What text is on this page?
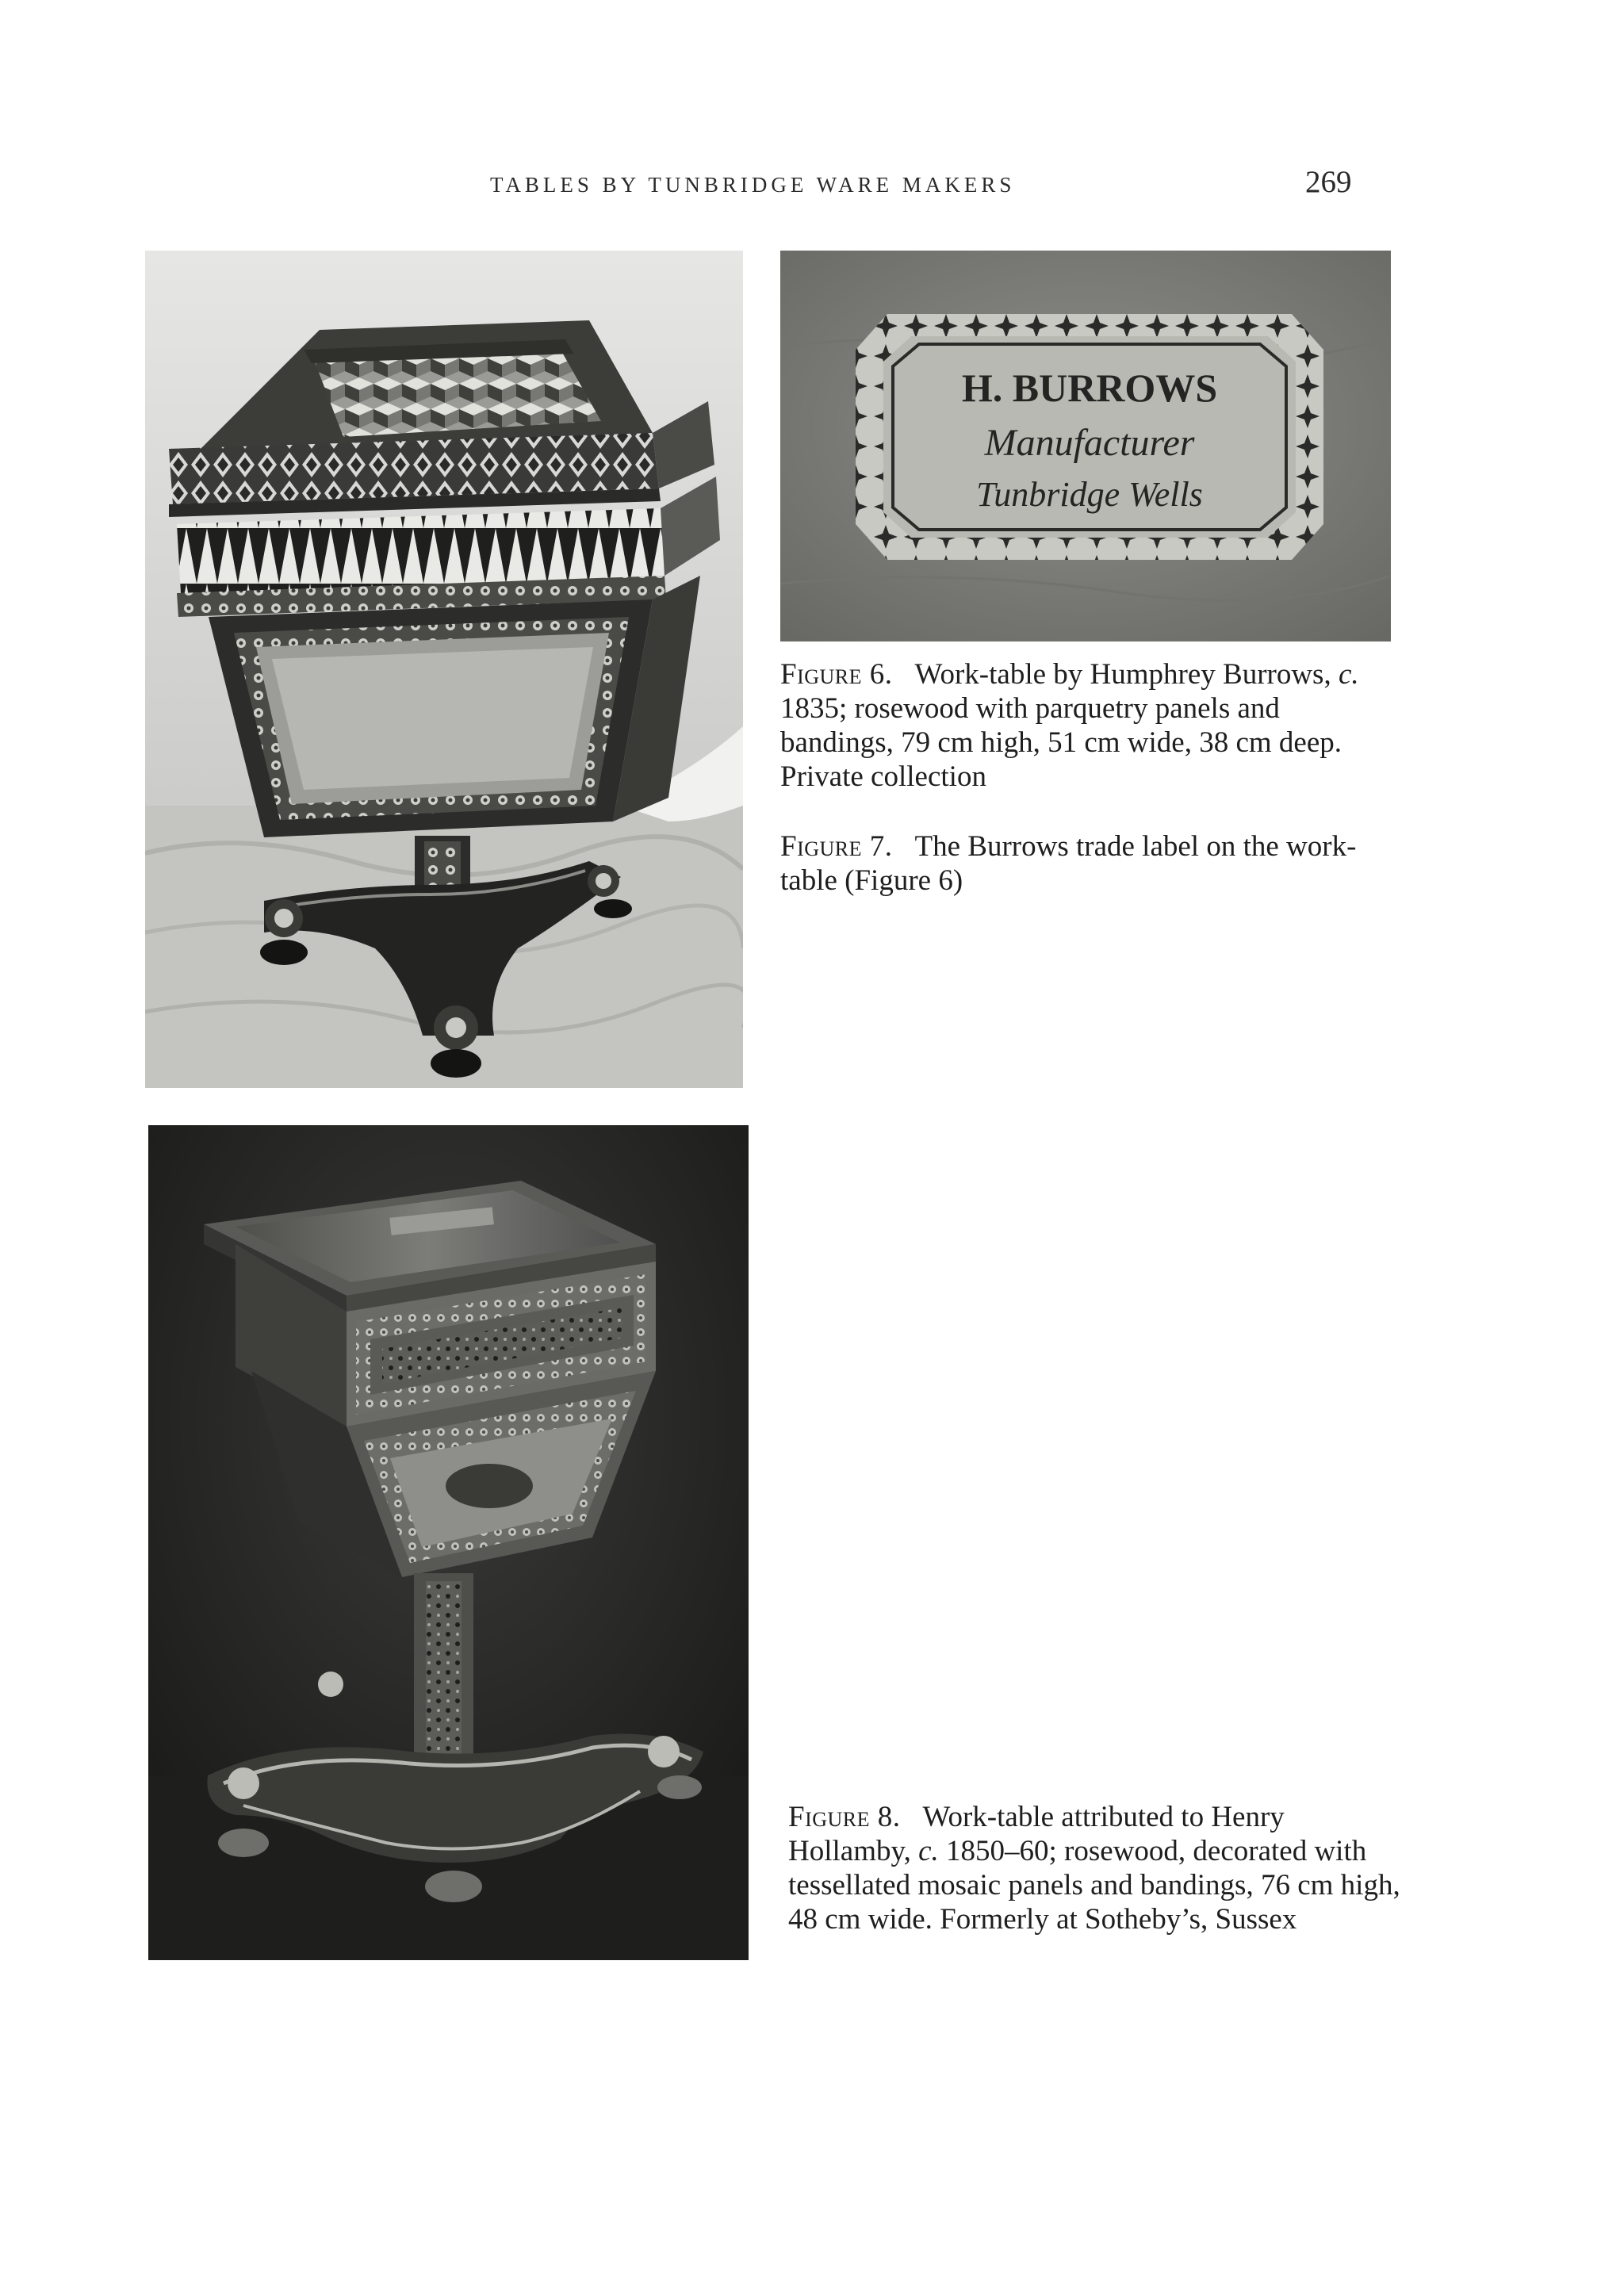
TABLES BY TUNBRIDGE WARE MAKERS	269
H. BURROWS
Manufacturer
Tunbridge Wells
Figure 6. Work-table by Humphrey Burrows, c. 1835; rosewood with parquetry panels and bandings, 79 cm high, 51 cm wide, 38 cm deep. Private collection
Figure 7. The Burrows trade label on the work-table (Figure 6)
Figure 8. Work-table attributed to Henry Hollamby, c. 1850–60; rosewood, decorated with tessellated mosaic panels and bandings, 76 cm high, 48 cm wide. Formerly at Sotheby’s, Sussex
